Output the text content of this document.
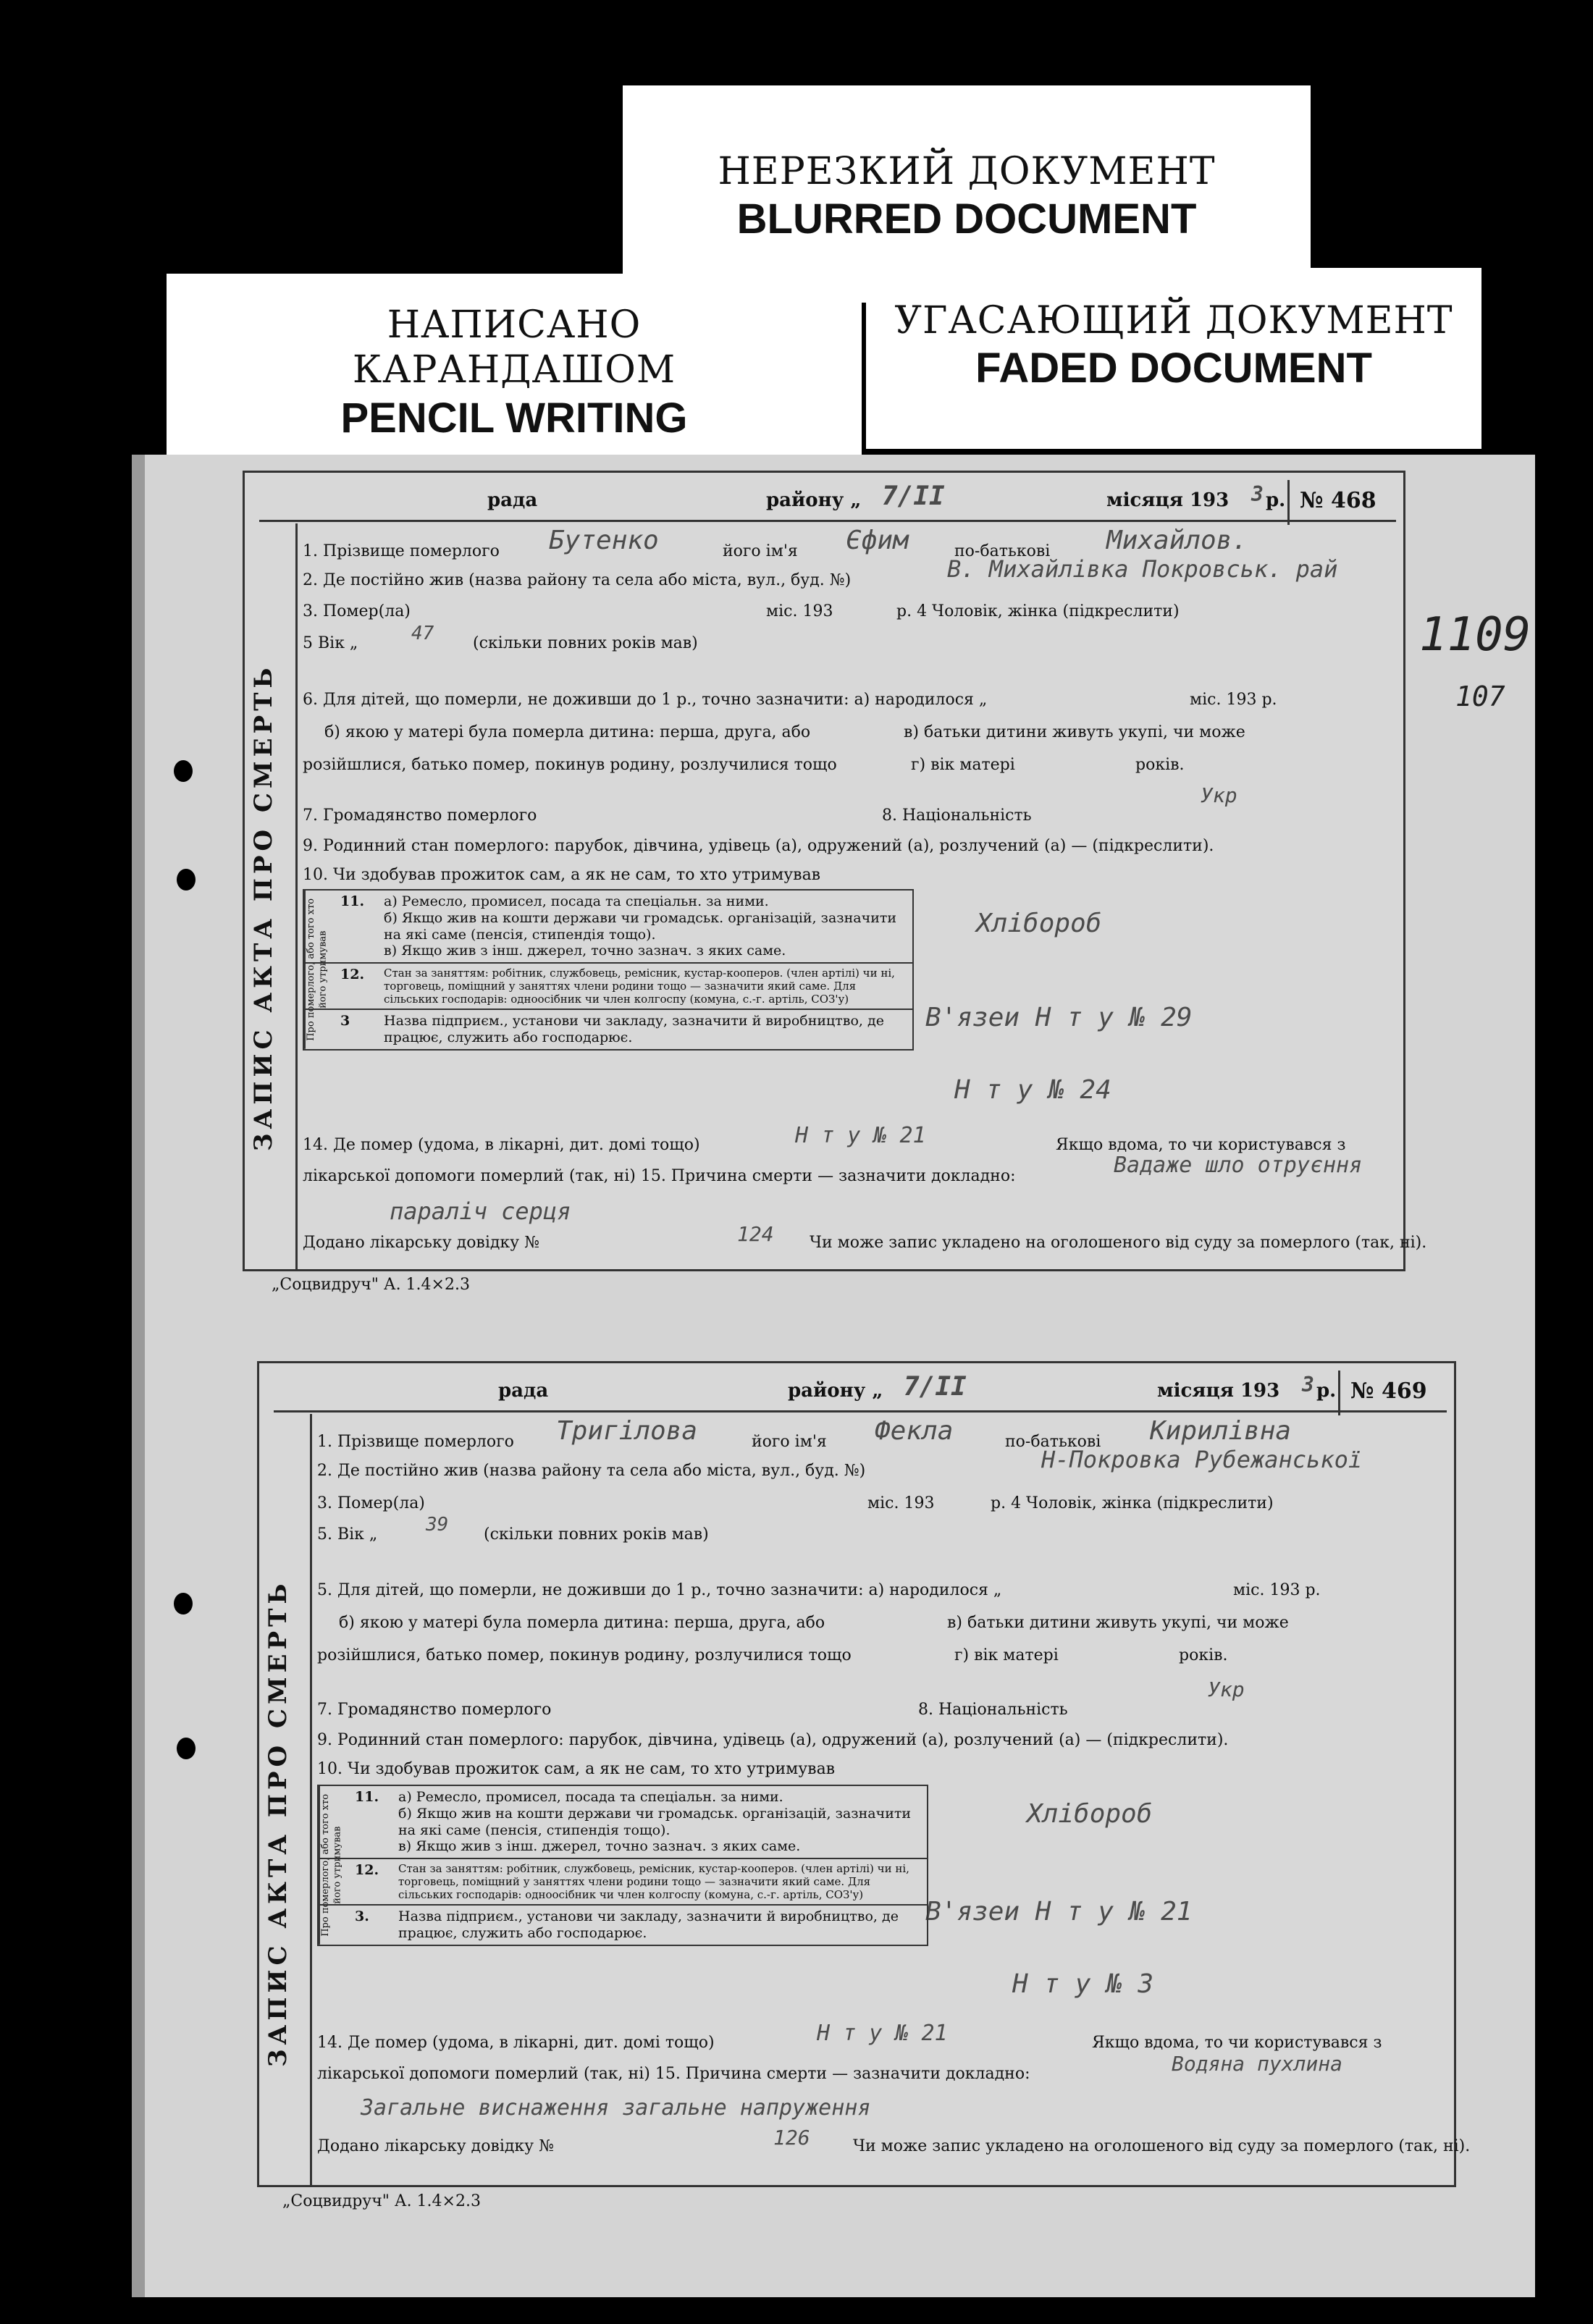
НЕРЕЗКИЙ ДОКУМЕНТ
BLURRED DOCUMENT
НАПИСАНО
КАРАНДАШОМ
PENCIL WRITING
УГАСАЮЩИЙ ДОКУМЕНТ
FADED DOCUMENT
1109
107
рада	району „ 7/II	місяця 193 3 р. № 468
ЗАПИС АКТА ПРО СМЕРТЬ
1. Прізвище померлого Бутенко	його ім'я Єфим	по-батькові Михайлов.
2. Де постійно жив (назва району та села або міста, вул., буд. №)	В. Михайлівка Покровськ. рай
3. Помер(ла)	міс. 193	р. 4 Чоловік, жінка (підкреслити)
5 Вік „	47 (скільки повних років мав)
6. Для дітей, що померли, не доживши до 1 р., точно зазначити: а) народилося „	міс. 193 р.
б) якою у матері була померла дитина: перша, друга, або	в) батьки дитини живуть укупі, чи може
розійшлися, батько помер, покинув родину, розлучилися тощо	г) вік матері	років.
7. Громадянство померлого	8. Національність
Укр
9. Родинний стан померлого: парубок, дівчина, удівець (а), одружений (а), розлучений (а) — (підкреслити).
10. Чи здобував прожиток сам, а як не сам, то хто утримував
Про померлого, або того хто його утримував
11. а) Ремесло, промисел, посада та спеціальн. за ними.
б) Якщо жив на кошти держави чи громадськ. організацій, зазначити на які саме (пенсія, стипендія тощо).
в) Якщо жив з інш. джерел, точно зазнач. з яких саме.
12. Стан за заняттям: робітник, службовець, ремісник, кустар-кооперов. (член артілі) чи ні, торговець, поміщний у заняттях члени родини тощо — зазначити який саме. Для сільських господарів: одноосібник чи член колгоспу (комуна, с.-г. артіль, СОЗ'у)
3 Назва підприєм., установи чи закладу, зазначити й виробництво, де працює, служить або господарює.
Хлібороб
В'язеи Н т у № 29
Н т у № 24
14. Де помер (удома, в лікарні, дит. домі тощо)	Н т у № 21	Якщо вдома, то чи користувався з
лікарської допомоги померлий (так, ні) 15. Причина смерти — зазначити докладно:	Вадаже шло отруєння
параліч серця
Додано лікарську довідку №	124 Чи може запис укладено на оголошеного від суду за померлого (так, ні).
„Соцвидруч" А. 1.4×2.3
рада	району „ 7/II	місяця 193 3 р. № 469
ЗАПИС АКТА ПРО СМЕРТЬ
1. Прізвище померлого Тригілова	його ім'я Фекла	по-батькові Кирилівна
2. Де постійно жив (назва району та села або міста, вул., буд. №)	Н-Покровка Рубежанської
3. Помер(ла)	міс. 193	р. 4 Чоловік, жінка (підкреслити)
5. Вік „	39 (скільки повних років мав)
5. Для дітей, що померли, не доживши до 1 р., точно зазначити: а) народилося „	міс. 193 р.
б) якою у матері була померла дитина: перша, друга, або	в) батьки дитини живуть укупі, чи може
розійшлися, батько помер, покинув родину, розлучилися тощо	г) вік матері	років.
7. Громадянство померлого	8. Національність
Укр
9. Родинний стан померлого: парубок, дівчина, удівець (а), одружений (а), розлучений (а) — (підкреслити).
10. Чи здобував прожиток сам, а як не сам, то хто утримував
Про померлого, або того хто його утримував
11. а) Ремесло, промисел, посада та спеціальн. за ними.
б) Якщо жив на кошти держави чи громадськ. організацій, зазначити на які саме (пенсія, стипендія тощо).
в) Якщо жив з інш. джерел, точно зазнач. з яких саме.
12. Стан за заняттям: робітник, службовець, ремісник, кустар-кооперов. (член артілі) чи ні, торговець, поміщний у заняттях члени родини тощо — зазначити який саме. Для сільських господарів: одноосібник чи член колгоспу (комуна, с.-г. артіль, СОЗ'у)
3. Назва підприєм., установи чи закладу, зазначити й виробництво, де працює, служить або господарює.
Хлібороб
В'язеи Н т у № 21
Н т у № 3
14. Де помер (удома, в лікарні, дит. домі тощо)	Н т у № 21	Якщо вдома, то чи користувався з
лікарської допомоги померлий (так, ні) 15. Причина смерти — зазначити докладно:	Водяна пухлина
Загальне виснаження загальне напруження
Додано лікарську довідку №	126	Чи може запис укладено на оголошеного від суду за померлого (так, ні).
„Соцвидруч" А. 1.4×2.3
